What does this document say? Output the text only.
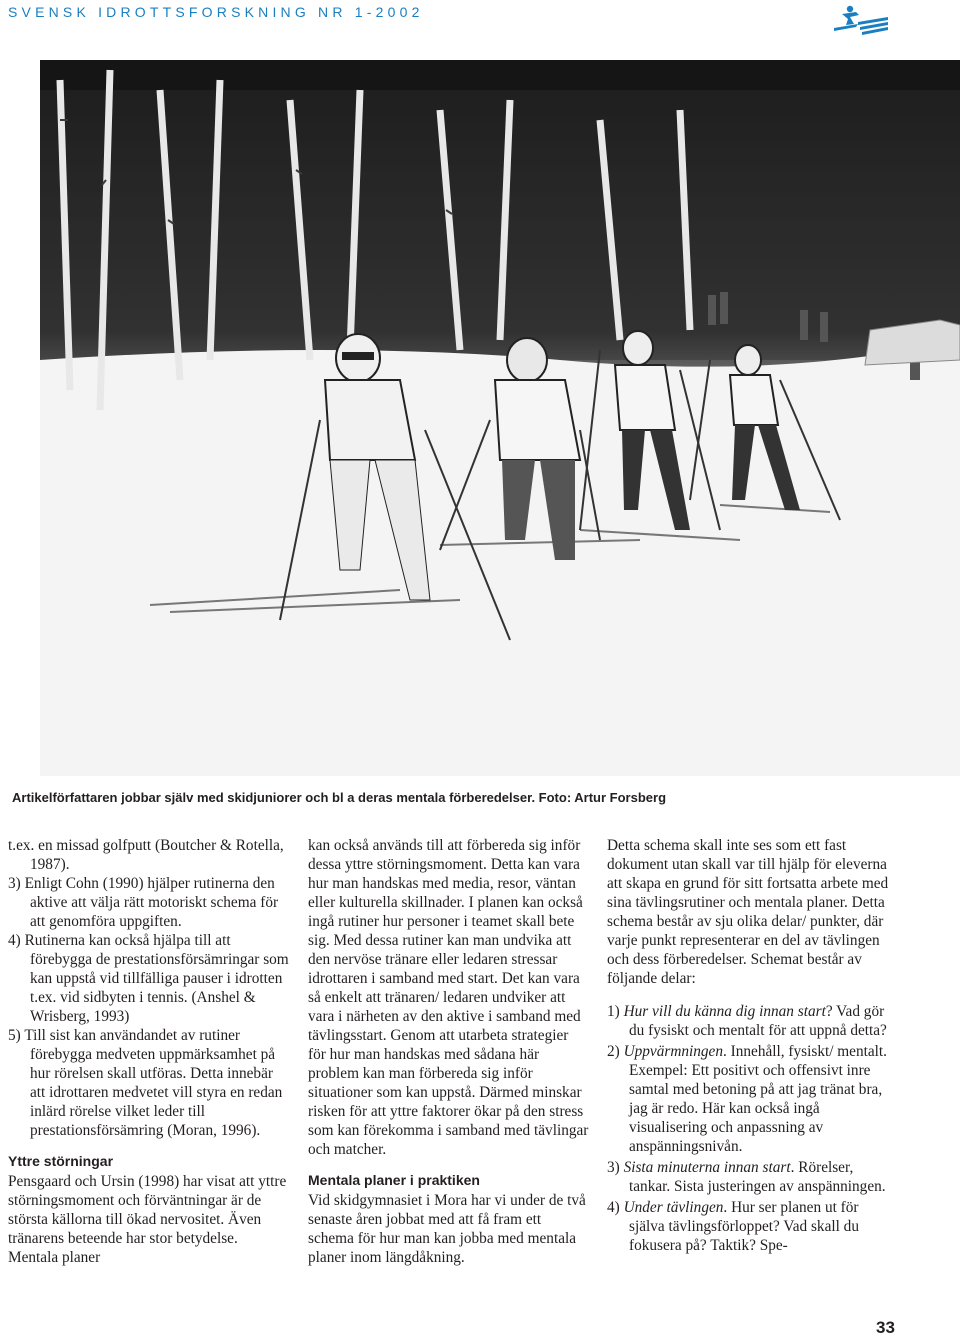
SVENSK IDROTTSFORSKNING NR 1-2002
Artikelförfattaren jobbar själv med skidjuniorer och bl a deras mentala förberedelser. Foto: Artur Forsberg

t.ex. en missad golfputt (Boutcher & Rotella, 1987).

3) Enligt Cohn (1990) hjälper rutinerna den aktive att välja rätt motoriskt schema för att genomföra uppgiften.

4) Rutinerna kan också hjälpa till att förebygga de prestationsförsämringar som kan uppstå vid tillfälliga pauser i idrotten t.ex. vid sidbyten i tennis. (Anshel & Wrisberg, 1993)

5) Till sist kan användandet av rutiner förebygga medveten uppmärksamhet på hur rörelsen skall utföras. Detta innebär att idrottaren medvetet vill styra en redan inlärd rörelse vilket leder till prestationsförsämring (Moran, 1996).

Yttre störningar

Pensgaard och Ursin (1998) har visat att yttre störningsmoment och förväntningar är de största källorna till ökad nervositet. Även tränarens beteende har stor betydelse. Mentala planer

kan också används till att förbereda sig inför dessa yttre störningsmoment. Detta kan vara hur man handskas med media, resor, väntan eller kulturella skillnader. I planen kan också ingå rutiner hur personer i teamet skall bete sig. Med dessa rutiner kan man undvika att den nervöse tränare eller ledaren stressar idrottaren i samband med start. Det kan vara så enkelt att tränaren/ ledaren undviker att vara i närheten av den aktive i samband med tävlingsstart. Genom att utarbeta strategier för hur man handskas med sådana här problem kan man förbereda sig inför situationer som kan uppstå. Därmed minskar risken för att yttre faktorer ökar på den stress som kan förekomma i samband med tävlingar och matcher.

Mentala planer i praktiken

Vid skidgymnasiet i Mora har vi under de två senaste åren jobbat med att få fram ett schema för hur man kan jobba med mentala planer inom längdåkning.

Detta schema skall inte ses som ett fast dokument utan skall var till hjälp för eleverna att skapa en grund för sitt fortsatta arbete med sina tävlingsrutiner och mentala planer. Detta schema består av sju olika delar/ punkter, där varje punkt representerar en del av tävlingen och dess förberedelser. Schemat består av följande delar:

1) Hur vill du känna dig innan start? Vad gör du fysiskt och mentalt för att uppnå detta?
2) Uppvärmningen. Innehåll, fysiskt/ mentalt. Exempel: Ett positivt och offensivt inre samtal med betoning på att jag tränat bra, jag är redo. Här kan också ingå visualisering och anpassning av anspänningsnivån.
3) Sista minuterna innan start. Rörelser, tankar. Sista justeringen av anspänningen.
4) Under tävlingen. Hur ser planen ut för själva tävlingsförloppet? Vad skall du fokusera på? Taktik? Spe-
33
